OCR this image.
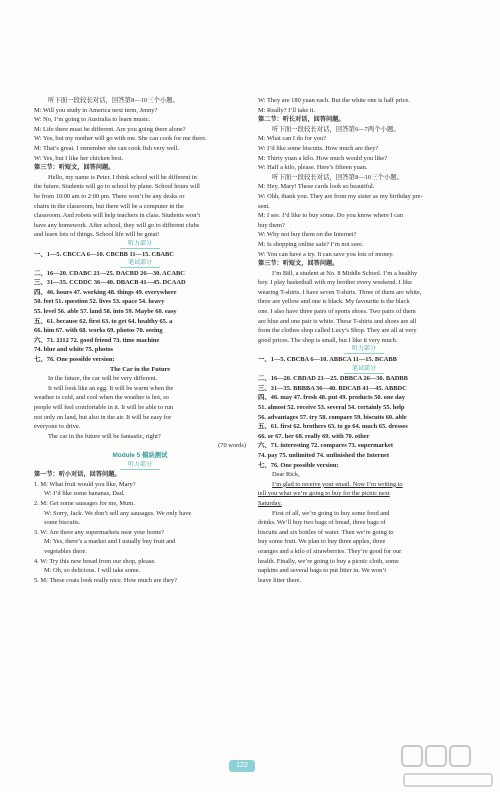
听下面一段较长对话，回答第8—10三个小题。
M: Will you study in America next term, Jenny?
W: No, I’m going to Australia to learn music.
M: Life there must be different. Are you going there alone?
W: Yes, but my mother will go with me. She can cook for me there.
M: That’s great. I remember she can cook fish very well.
W: Yes, but I like her chicken best.
第三节：听短文，回答问题。
Hello, my name is Peter. I think school will be different in
the future. Students will go to school by plane. School hours will
be from 10:00 am to 2:00 pm. There won’t be any desks or
chairs in the classroom, but there will be a computer in the
classroom. And robots will help teachers in class. Students won’t
have any homework. After school, they will go to different clubs
and learn lots of things. School life will be great!
听力部分
一、1—5. CBCCA 6—10. CBCBB 11—15. CBABC
笔试部分
二、16—20. CDABC 21—25. DACBD 26—30. ACABC
三、31—35. CCDDC 36—40. DBACB 41—45. DCAAD
四、46. hours 47. working 48. things 49. everywhere
50. feet 51. question 52. lives 53. space 54. heavy
55. level 56. able 57. land 58. into 59. Maybe 60. easy
五、61. because 62. first 63. to get 64. healthy 65. a
66. him 67. with 68. works 69. photos 70. seeing
六、71. 2112 72. good friend 73. time machine
74. blue and white 75. photos
七、76. One possible version:
The Car in the Future
In the future, the car will be very different.
It will look like an egg. It will be warm when the
weather is cold, and cool when the weather is hot, so
people will feel comfortable in it. It will be able to run
not only on land, but also in the air. It will be easy for
everyone to drive.
The car in the future will be fantastic, right?
(70 words)
Module 5 模块测试
听力部分
第一节：听小对话，回答问题。
1. M: What fruit would you like, Mary?
W: I’d like some bananas, Dad.
2. M: Get some sausages for me, Mum.
W: Sorry, Jack. We don’t sell any sausages. We only have
some biscuits.
3. W: Are there any supermarkets near your home?
M: Yes, there’s a market and I usually buy fruit and
vegetables there.
4. W: Try this new bread from our shop, please.
M: Oh, so delicious. I will take some.
5. M: These coats look really nice. How much are they?
W: They are 180 yuan each. But the white one is half price.
M: Really? I’ll take it.
第二节：听长对话，回答问题。
听下面一段较长对话，回答第6—7两个小题。
M: What can I do for you?
W: I’d like some biscuits. How much are they?
M: Thirty yuan a kilo. How much would you like?
W: Half a kilo, please. Here’s fifteen yuan.
听下面一段较长对话，回答第8—10三个小题。
M: Hey, Mary! These cards look so beautiful.
W: Ohh, thank you. They are from my sister as my birthday pre-
sent.
M: I see. I’d like to buy some. Do you know where I can
buy them?
W: Why not buy them on the Internet?
M: Is shopping online safe? I’m not sure.
W: You can have a try. It can save you lots of money.
第三节：听短文，回答问题。
I’m Bill, a student at No. 8 Middle School. I’m a healthy
boy. I play basketball with my brother every weekend. I like
wearing T-shirts. I have seven T-shirts. Three of them are white,
three are yellow and one is black. My favourite is the black
one. I also have three pairs of sports shoes. Two pairs of them
are blue and one pair is white. These T-shirts and shoes are all
from the clothes shop called Lucy’s Shop. They are all at very
good prices. The shop is small, but I like it very much.
听力部分
一、1—5. CBCBA 6—10. ABBCA 11—15. BCABB
笔试部分
二、16—20. CBDAD 21—25. DBBCA 26—30. BADBB
三、31—35. BBBBA 36—40. BDCAB 41—45. ABBDC
四、46. may 47. fresh 48. put 49. products 50. one day
51. almost 52. receive 53. several 54. certainly 55. help
56. advantages 57. try 58. compare 59. biscuits 60. able
五、61. first 62. brothers 63. to go 64. much 65. dresses
66. or 67. her 68. really 69. with 70. other
六、71. interesting 72. compares 73. supermarket
74. pay 75. unlimited 74. unfinished the Internet
七、76. One possible version:
Dear Rick,
I’m glad to receive your email. Now I’m writing to
tell you what we’re going to buy for the picnic next
Saturday.
First of all, we’re going to buy some food and
drinks. We’ll buy two bags of bread, three bags of
biscuits and six bottles of water. Then we’re going to
buy some fruit. We plan to buy three apples, three
oranges and a kilo of strawberries. They’re good for our
health. Finally, we’re going to buy a picnic cloth, some
napkins and several bags to put litter in. We won’t
leave litter there.
122
